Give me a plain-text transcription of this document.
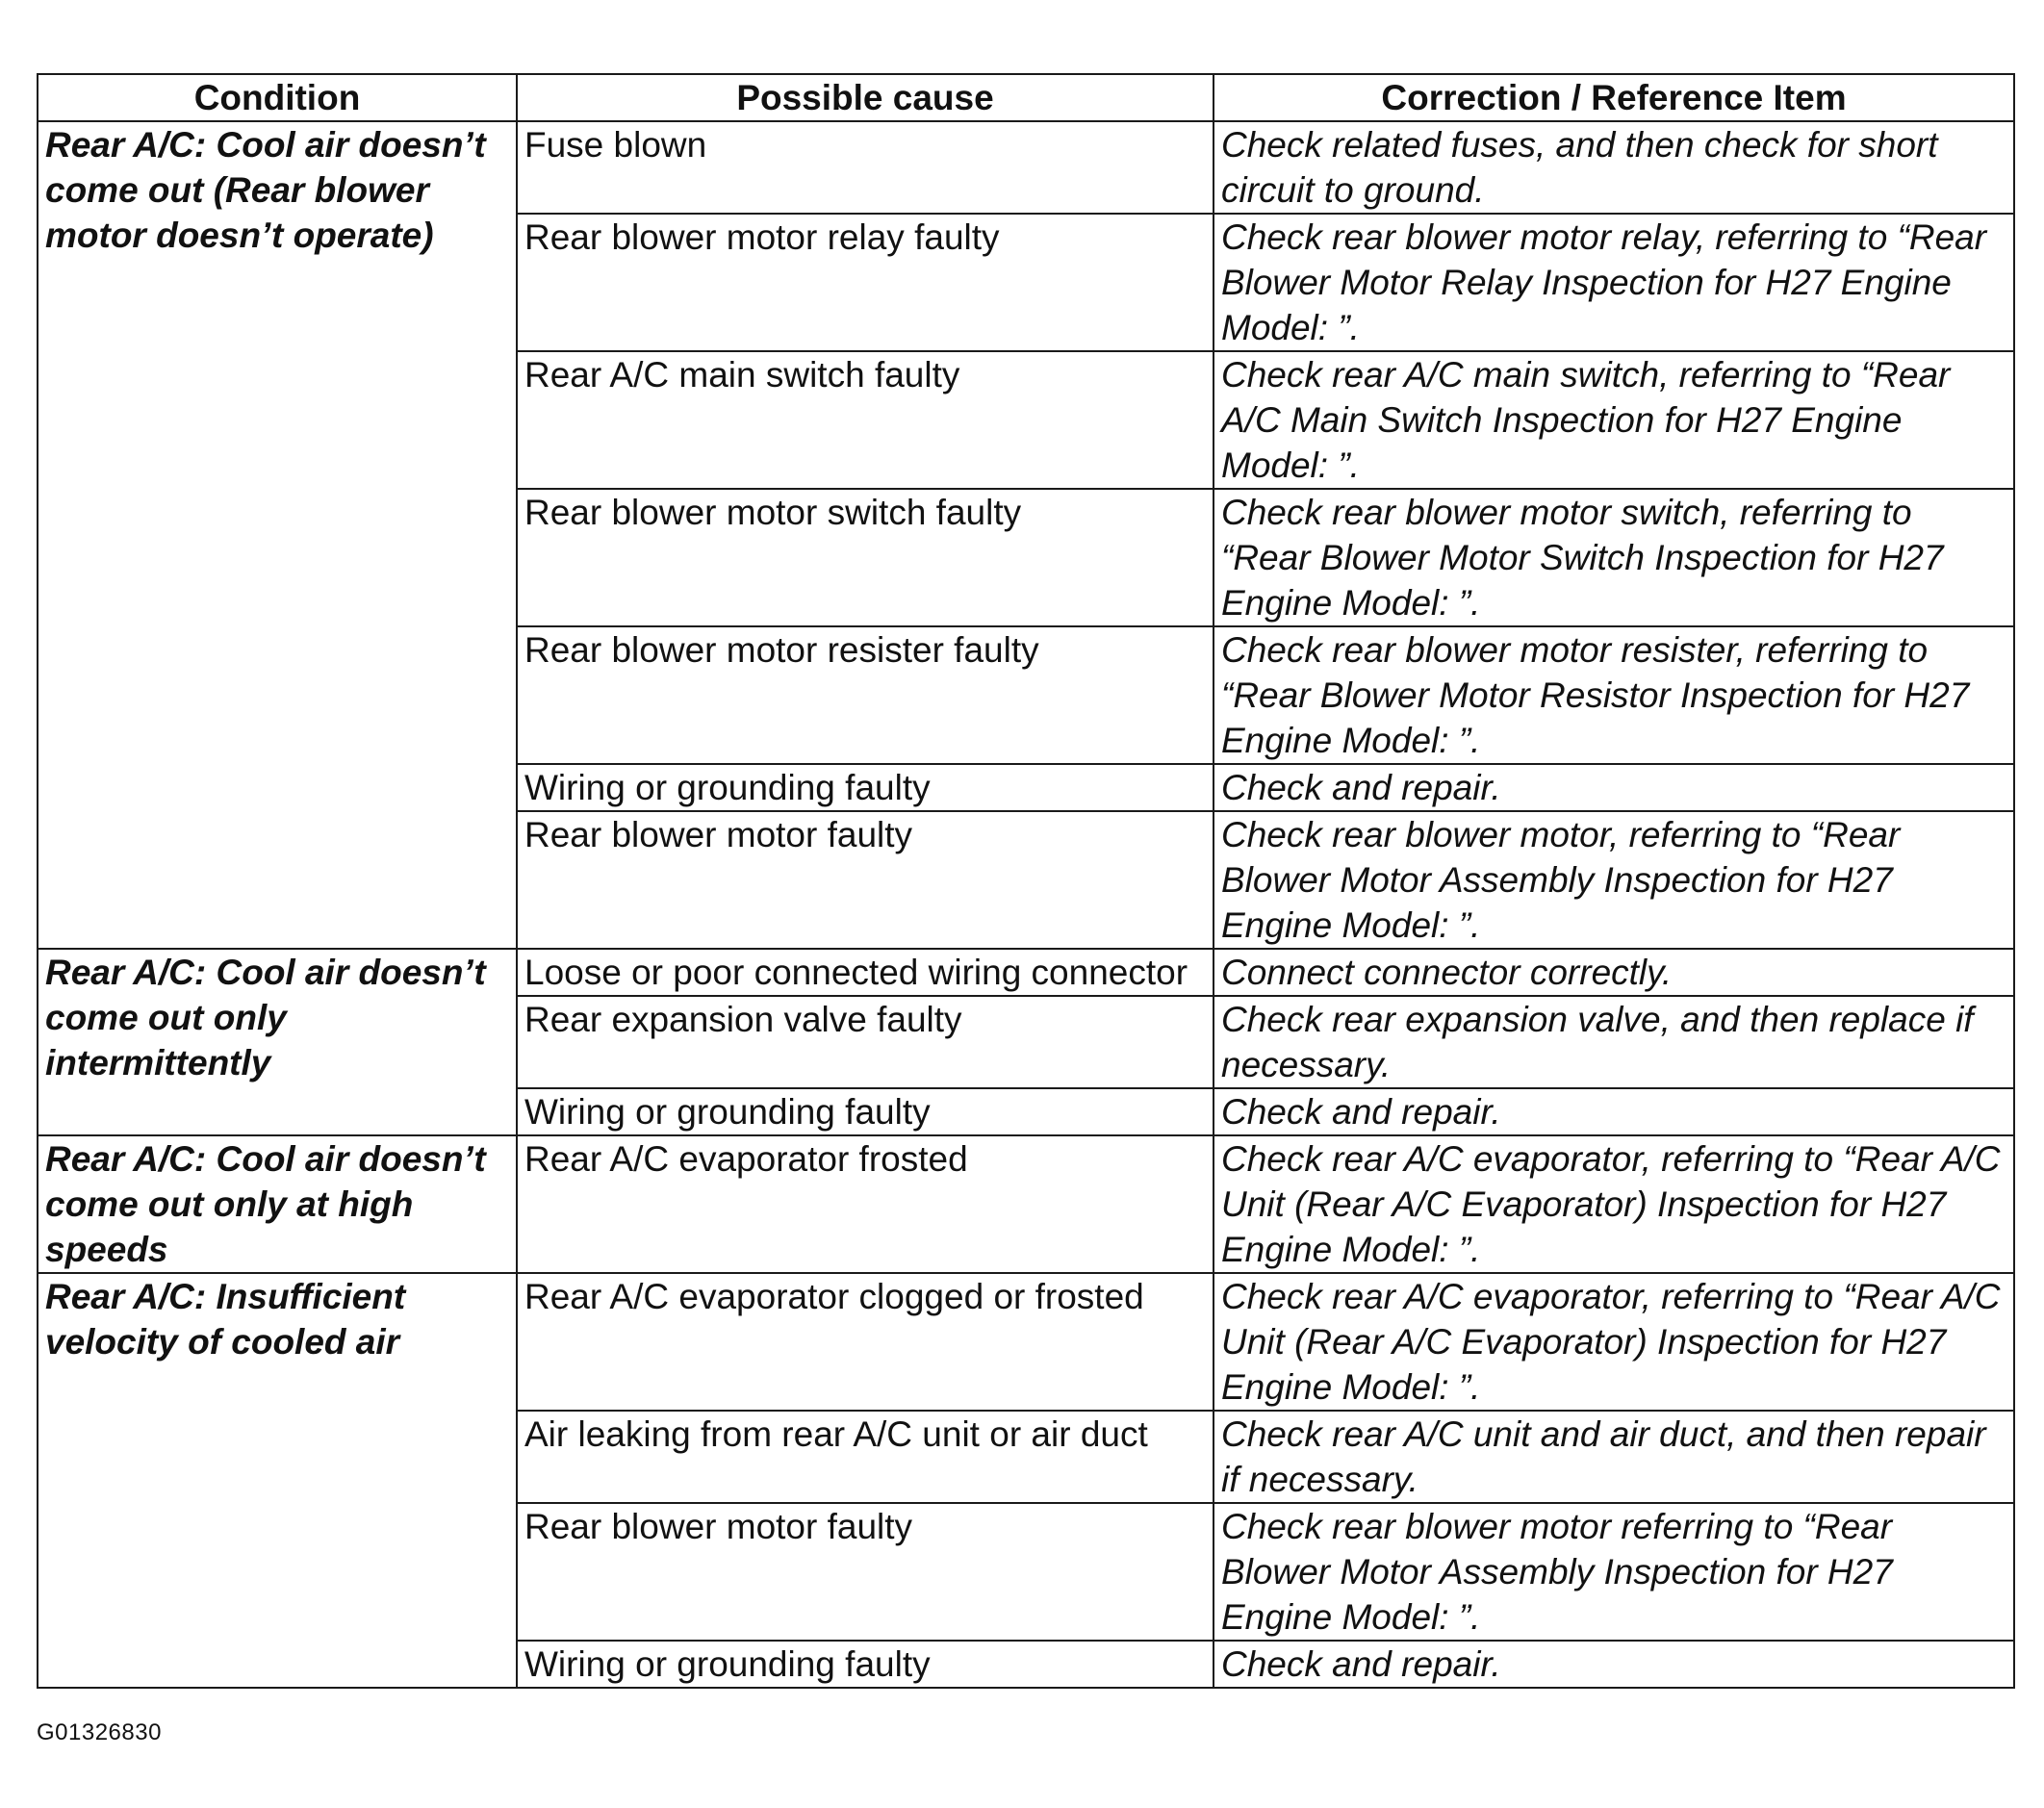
Condition	Possible cause	Correction / Reference Item
Rear A/C: Cool air doesn’t come out (Rear blower motor doesn’t operate)	Fuse blown	Check related fuses, and then check for short circuit to ground.
	Rear blower motor relay faulty	Check rear blower motor relay, referring to “Rear Blower Motor Relay Inspection for H27 Engine Model: ”.
	Rear A/C main switch faulty	Check rear A/C main switch, referring to “Rear A/C Main Switch Inspection for H27 Engine Model: ”.
	Rear blower motor switch faulty	Check rear blower motor switch, referring to “Rear Blower Motor Switch Inspection for H27 Engine Model: ”.
	Rear blower motor resister faulty	Check rear blower motor resister, referring to “Rear Blower Motor Resistor Inspection for H27 Engine Model: ”.
	Wiring or grounding faulty	Check and repair.
	Rear blower motor faulty	Check rear blower motor, referring to “Rear Blower Motor Assembly Inspection for H27 Engine Model: ”.
Rear A/C: Cool air doesn’t come out only intermittently	Loose or poor connected wiring connector	Connect connector correctly.
	Rear expansion valve faulty	Check rear expansion valve, and then replace if necessary.
	Wiring or grounding faulty	Check and repair.
Rear A/C: Cool air doesn’t come out only at high speeds	Rear A/C evaporator frosted	Check rear A/C evaporator, referring to “Rear A/C Unit (Rear A/C Evaporator) Inspection for H27 Engine Model: ”.
Rear A/C: Insufficient velocity of cooled air	Rear A/C evaporator clogged or frosted	Check rear A/C evaporator, referring to “Rear A/C Unit (Rear A/C Evaporator) Inspection for H27 Engine Model: ”.
	Air leaking from rear A/C unit or air duct	Check rear A/C unit and air duct, and then repair if necessary.
	Rear blower motor faulty	Check rear blower motor referring to “Rear Blower Motor Assembly Inspection for H27 Engine Model: ”.
	Wiring or grounding faulty	Check and repair.
G01326830
